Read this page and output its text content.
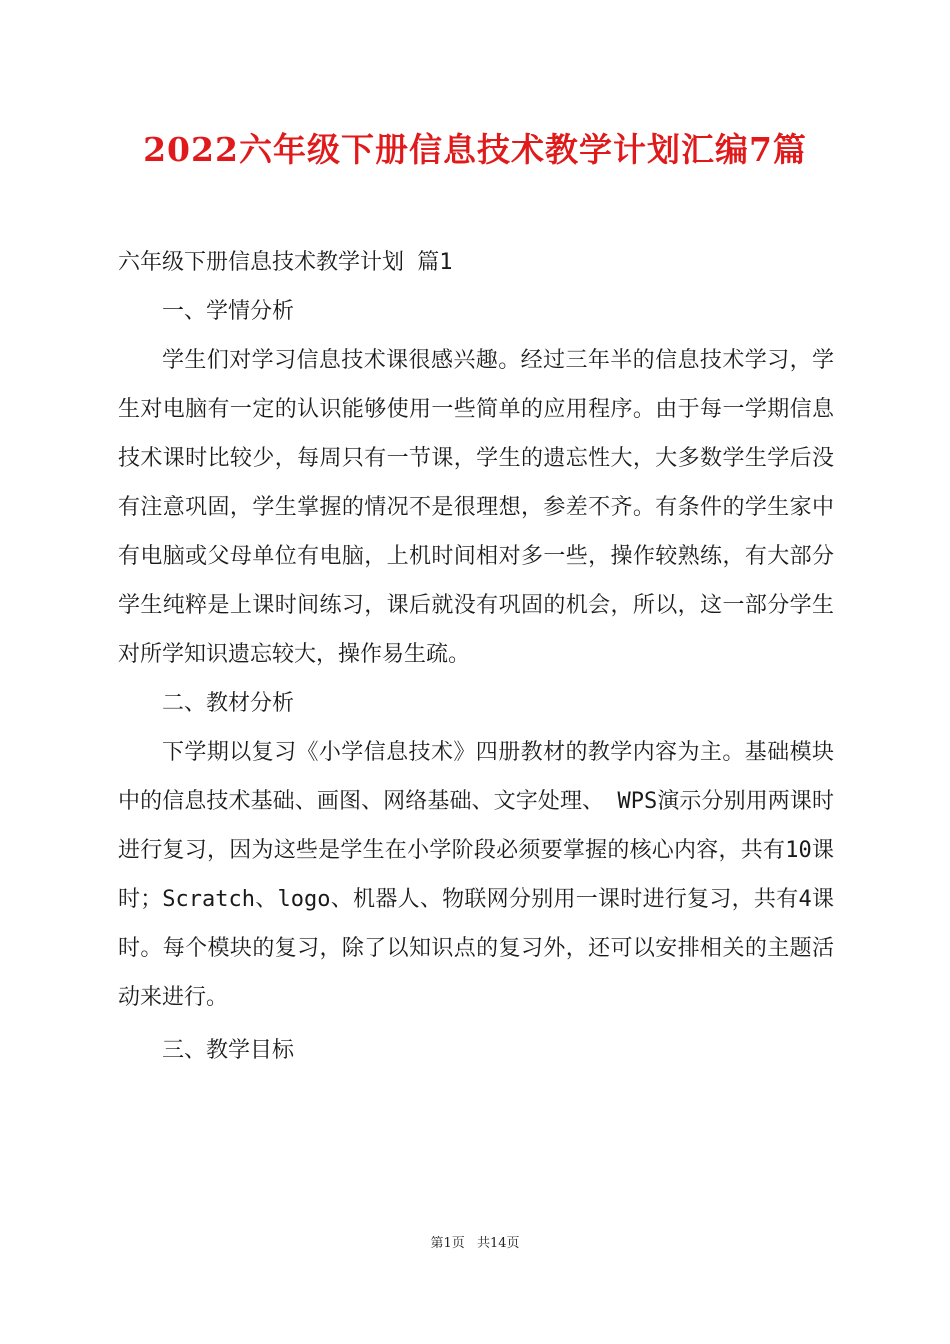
2022六年级下册信息技术教学计划汇编7篇

六年级下册信息技术教学计划 篇1

一、学情分析

学生们对学习信息技术课很感兴趣。经过三年半的信息技术学习，学生对电脑有一定的认识能够使用一些简单的应用程序。由于每一学期信息技术课时比较少，每周只有一节课，学生的遗忘性大，大多数学生学后没有注意巩固，学生掌握的情况不是很理想，参差不齐。有条件的学生家中有电脑或父母单位有电脑，上机时间相对多一些，操作较熟练，有大部分学生纯粹是上课时间练习，课后就没有巩固的机会，所以，这一部分学生对所学知识遗忘较大，操作易生疏。

二、教材分析

下学期以复习《小学信息技术》四册教材的教学内容为主。基础模块中的信息技术基础、画图、网络基础、文字处理、 WPS演示分别用两课时进行复习，因为这些是学生在小学阶段必须要掌握的核心内容，共有10课时；Scratch、logo、机器人、物联网分别用一课时进行复习，共有4课时。每个模块的复习，除了以知识点的复习外，还可以安排相关的主题活动来进行。

三、教学目标

第1页 共14页
